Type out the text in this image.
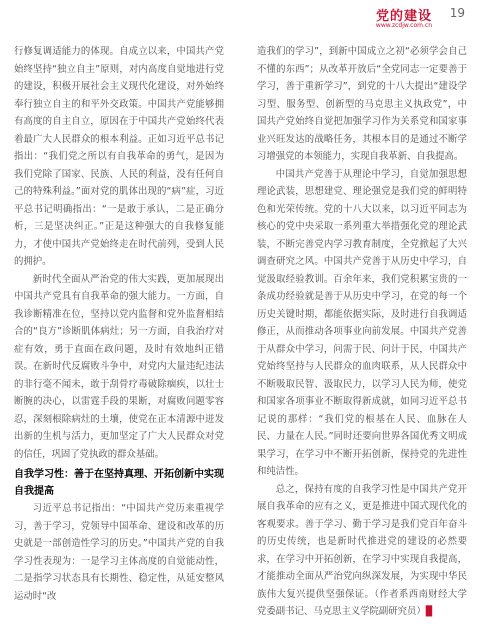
党的建设
www.zcdjw.com.cn
19

行修复调适能力的体现。自成立以来，中国共产党始终坚持“独立自主”原则，对内高度自觉地进行党的建设，积极开展社会主义现代化建设，对外始终奉行独立自主的和平外交政策。中国共产党能够拥有高度的自主自立，原因在于中国共产党始终代表着最广大人民群众的根本利益。正如习近平总书记指出：“我们党之所以有自我革命的勇气，是因为我们党除了国家、民族、人民的利益，没有任何自己的特殊利益。”面对党的肌体出现的“病”症，习近平总书记明确指出：“一是敢于承认，二是正确分析，三是坚决纠正。”正是这种强大的自我修复能力，才使中国共产党始终走在时代前列，受到人民的拥护。

新时代全面从严治党的伟大实践，更加展现出中国共产党具有自我革命的强大能力。一方面，自我诊断精准在位，坚持以党内监督和党外监督相结合的“良方”诊断肌体病灶；另一方面，自我治疗对症有效，勇于直面在政问题，及时有效地纠正错误。在新时代反腐败斗争中，对党内大量违纪违法的非行毫不闻未，敢于刮骨疗毒破除痼疾，以壮士断腕的决心，以雷霆手段的果断，对腐败问题零容忍，深刻根除病灶的土壤，使党在正本清源中迸发出新的生机与活力，更加坚定了广大人民群众对党的信任，巩固了党执政的群众基础。

自我学习性：善于在坚持真理、开拓创新中实现自我提高

习近平总书记指出：“中国共产党历来重视学习，善于学习，党领导中国革命、建设和改革的历史就是一部创造性学习的历史。”中国共产党的自我学习性表现为：一是学习主体高度的自觉能动性，二是指学习状态具有长期性、稳定性，从延安整风运动时“改

造我们的学习”，到新中国成立之初“必须学会自己不懂的东西”；从改革开放后“全党同志一定要善于学习，善于重新学习”，到党的十八大提出“建设学习型、服务型、创新型的马克思主义执政党”，中国共产党始终自觉把加强学习作为关系党和国家事业兴旺发达的战略任务，其根本目的是通过不断学习增强党的本领能力，实现自我革新、自我提高。

中国共产党善于从理论中学习，自觉加强思想理论武装，思想建党、理论强党是我们党的鲜明特色和光荣传统。党的十八大以来，以习近平同志为核心的党中央采取一系列重大举措强化党的理论武装，不断完善党内学习教育制度，全党掀起了大兴调查研究之风。中国共产党善于从历史中学习，自觉汲取经验教训。百余年来，我们党积累宝贵的一条成功经验就是善于从历史中学习，在党的每一个历史关键时期，都能依据实际，及时进行自我调适修正，从而推动各项事业向前发展。中国共产党善于从群众中学习，问需于民、问计于民，中国共产党始终坚持与人民群众的血肉联系，从人民群众中不断吸取民智、汲取民力，以学习人民为师，使党和国家各项事业不断取得新成就，如同习近平总书记说的那样：“我们党的根基在人民、血脉在人民、力量在人民。”同时还要向世界各国优秀文明成果学习，在学习中不断开拓创新，保持党的先进性和纯洁性。

总之，保持有度的自我学习性是中国共产党开展自我革命的应有之义，更是推进中国式现代化的客观要求。善于学习、勤于学习是我们党百年奋斗的历史传统，也是新时代推进党的建设的必然要求，在学习中开拓创新，在学习中实现自我提高，才能推动全面从严治党向纵深发展，为实现中华民族伟大复兴提供坚强保证。（作者系西南财经大学党委副书记、马克思主义学院副研究员）▉
